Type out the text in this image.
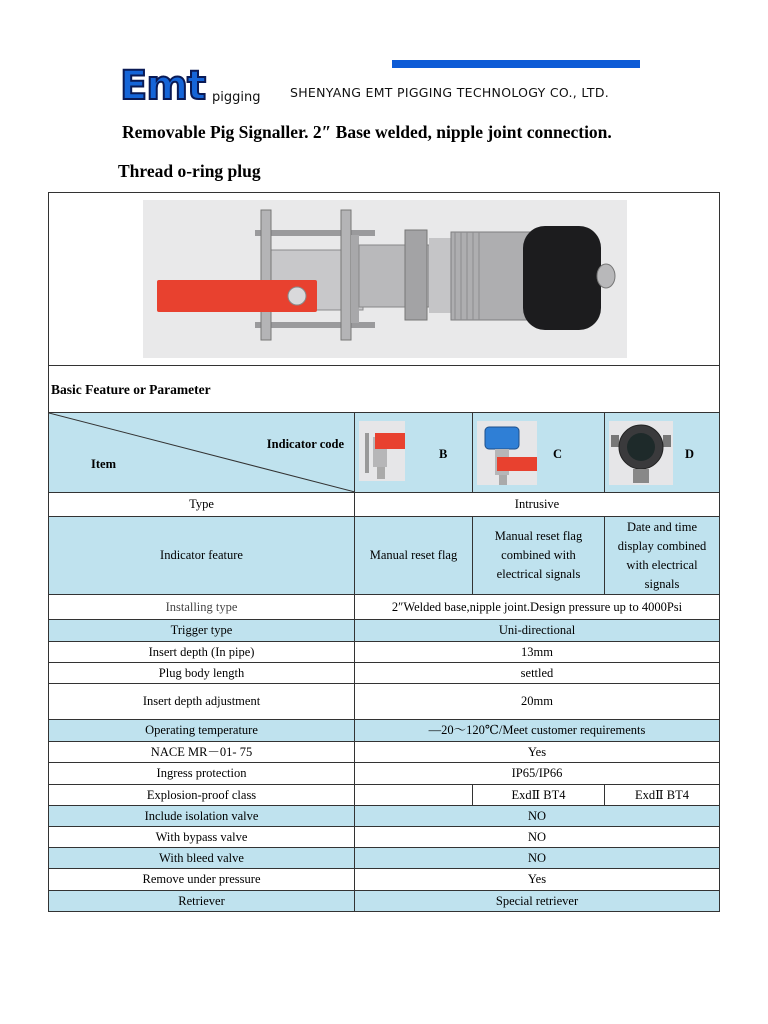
Emt pigging SHENYANG EMT PIGGING TECHNOLOGY CO., LTD.
Removable Pig Signaller. 2″ Base welded, nipple joint connection.
Thread o-ring plug
Basic Feature or Parameter
Indicator code
Item	B	C	D

Type	Intrusive		
Indicator feature	Manual reset flag	Manual reset flag combined with electrical signals	Date and time display combined with electrical signals
Installing type	2″Welded base,nipple joint.Design pressure up to 4000Psi		
Trigger type	Uni-directional		
Insert depth (In pipe)	13mm		
Plug body length	settled		
Insert depth adjustment	20mm		
Operating temperature	—20～120℃/Meet customer requirements		
NACE MR－01- 75	Yes		
Ingress protection	IP65/IP66		
Explosion-proof class		ExdⅡ BT4	ExdⅡ BT4
Include isolation valve	NO		
With bypass valve	NO		
With bleed valve	NO		
Remove under pressure	Yes		
Retriever	Special retriever		
